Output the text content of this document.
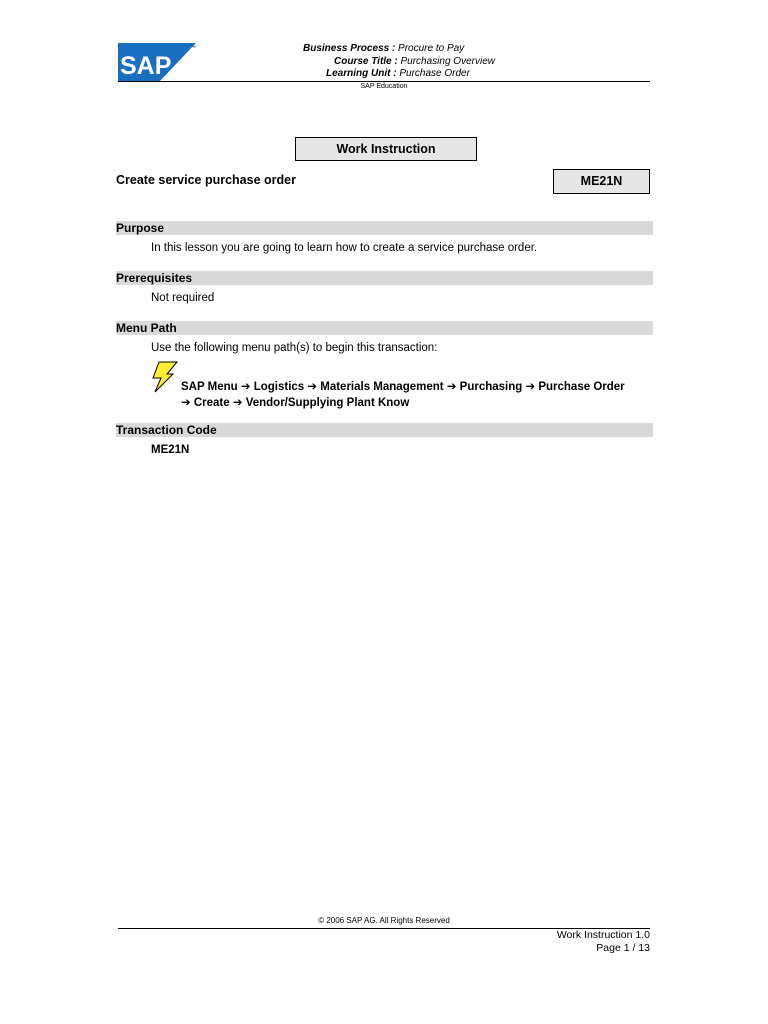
SAP
™	Business Process : Procure to Pay
Course Title : Purchasing Overview
Learning Unit : Purchase Order
SAP Education
Work Instruction
Create service purchase order	ME21N
Purpose
In this lesson you are going to learn how to create a service purchase order.
Prerequisites
Not required
Menu Path
Use the following menu path(s) to begin this transaction:
SAP Menu ➔ Logistics ➔ Materials Management ➔ Purchasing ➔ Purchase Order
➔ Create ➔ Vendor/Supplying Plant Know
Transaction Code
ME21N
© 2006 SAP AG. All Rights Reserved
Work Instruction 1.0
Page 1 / 13
